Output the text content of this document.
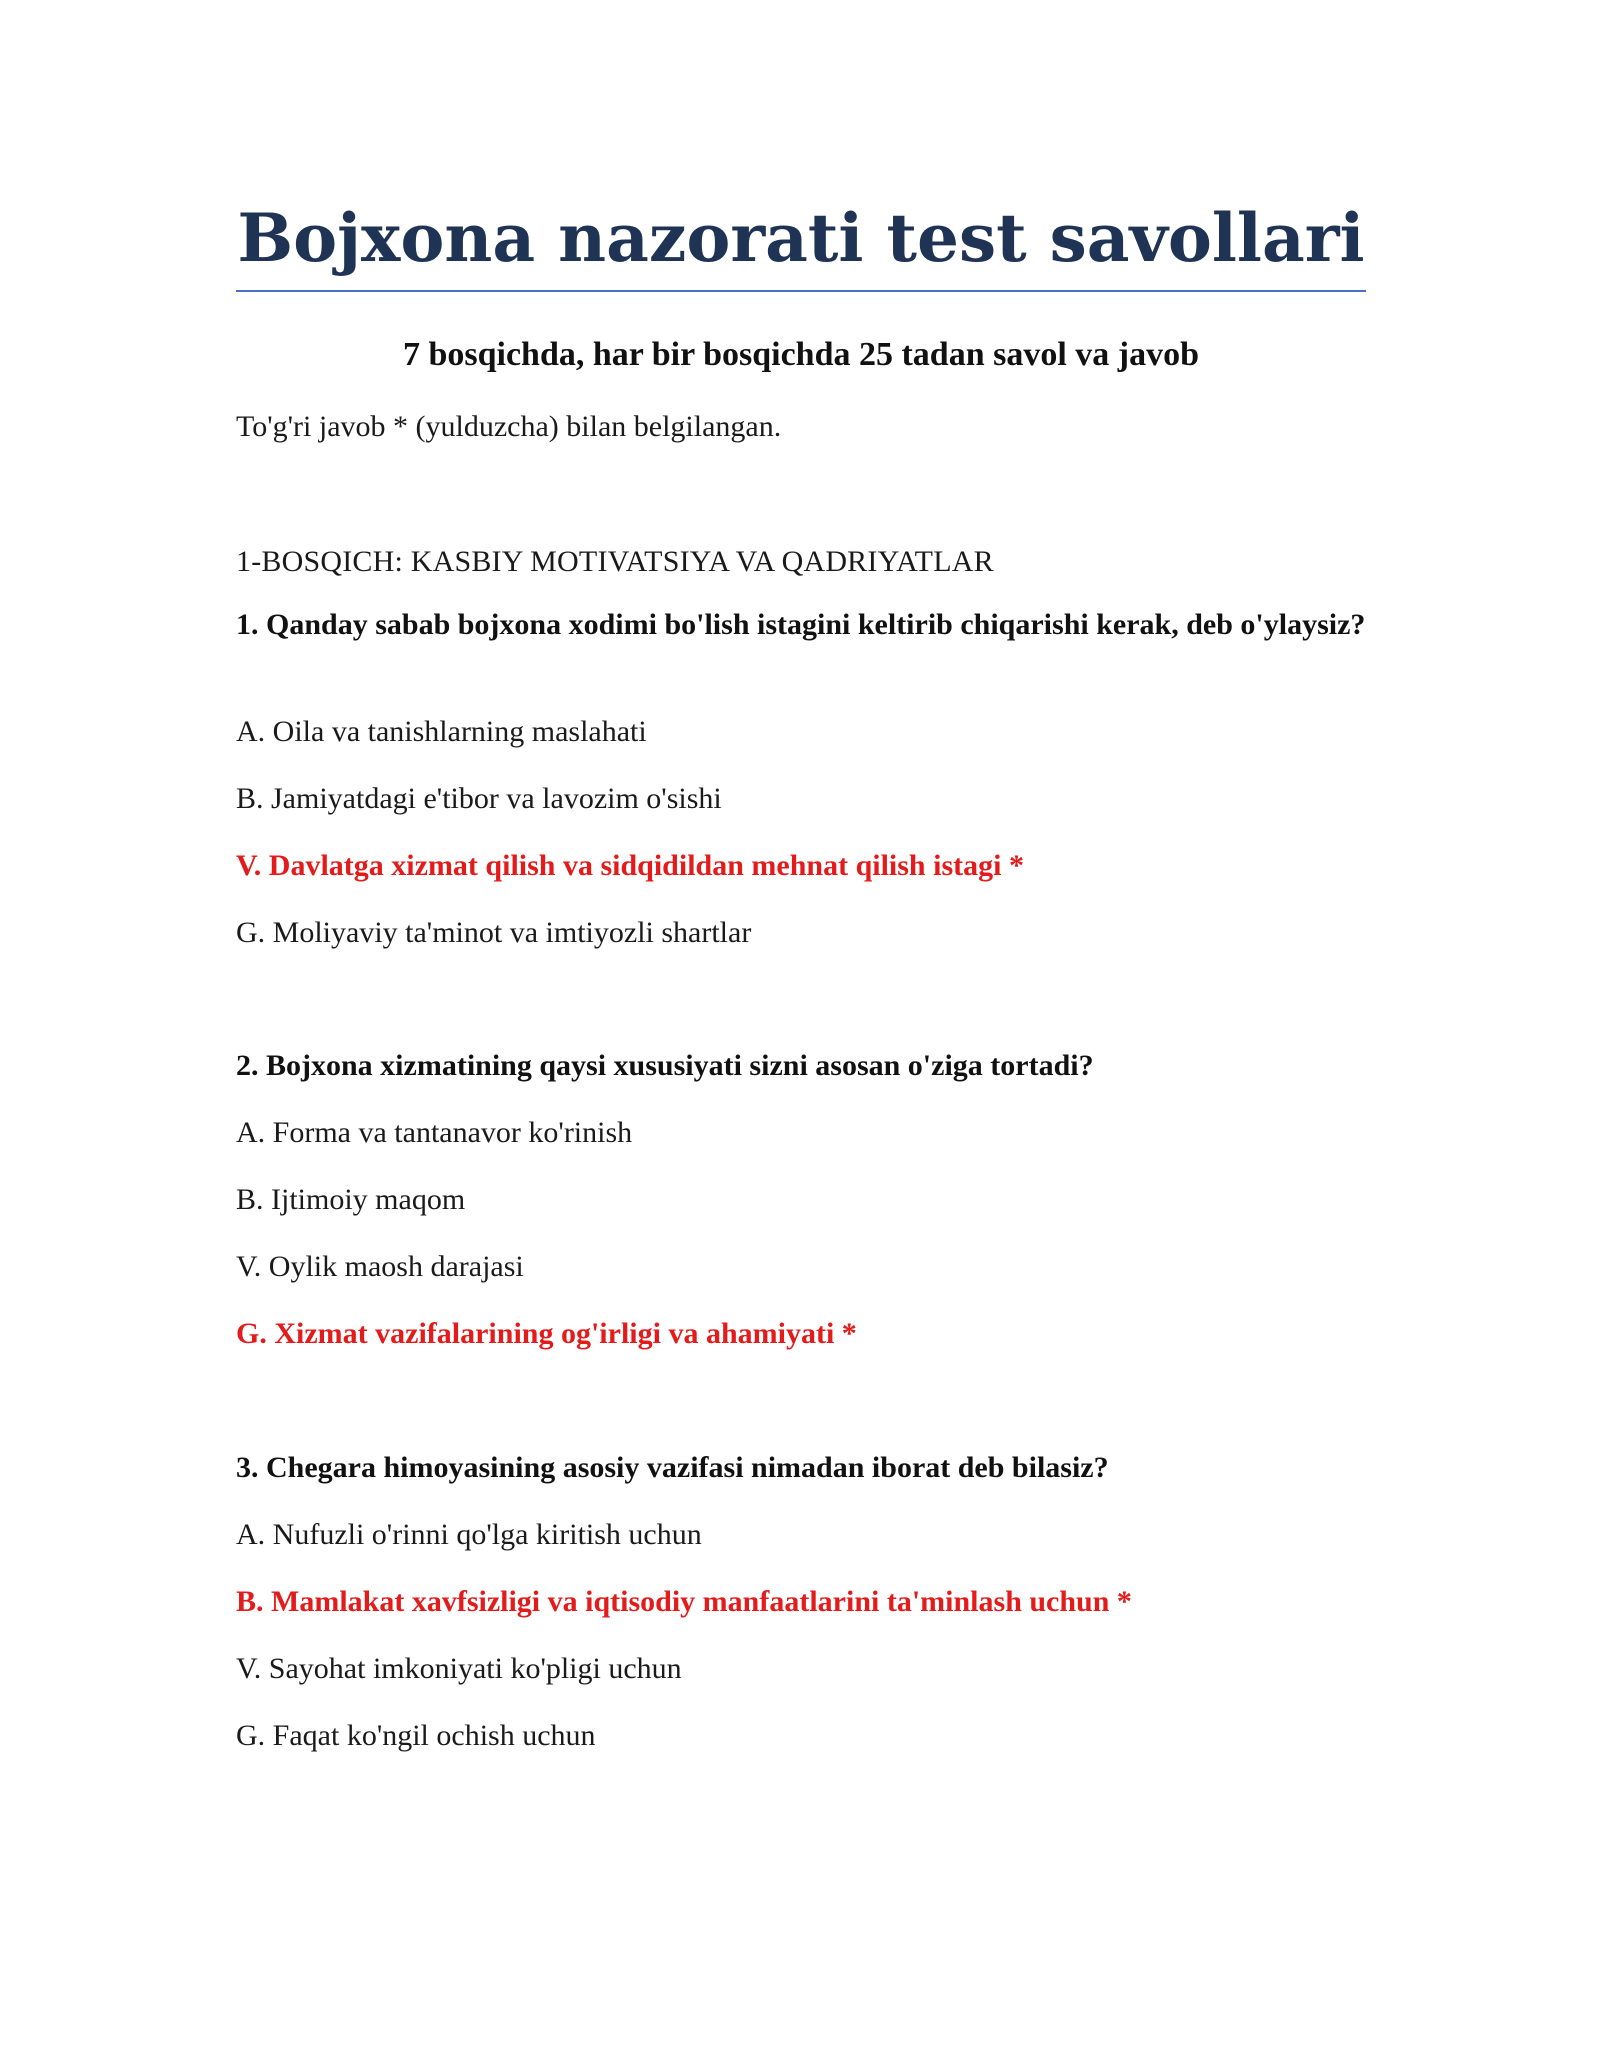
Bojxona nazorati test savollari
7 bosqichda, har bir bosqichda 25 tadan savol va javob

To'g'ri javob * (yulduzcha) bilan belgilangan.

1-BOSQICH: KASBIY MOTIVATSIYA VA QADRIYATLAR

1. Qanday sabab bojxona xodimi bo'lish istagini keltirib chiqarishi kerak, deb o'ylaysiz?

A. Oila va tanishlarning maslahati

B. Jamiyatdagi e'tibor va lavozim o'sishi

V. Davlatga xizmat qilish va sidqidildan mehnat qilish istagi *

G. Moliyaviy ta'minot va imtiyozli shartlar

2. Bojxona xizmatining qaysi xususiyati sizni asosan o'ziga tortadi?

A. Forma va tantanavor ko'rinish

B. Ijtimoiy maqom

V. Oylik maosh darajasi

G. Xizmat vazifalarining og'irligi va ahamiyati *

3. Chegara himoyasining asosiy vazifasi nimadan iborat deb bilasiz?

A. Nufuzli o'rinni qo'lga kiritish uchun

B. Mamlakat xavfsizligi va iqtisodiy manfaatlarini ta'minlash uchun *

V. Sayohat imkoniyati ko'pligi uchun

G. Faqat ko'ngil ochish uchun
